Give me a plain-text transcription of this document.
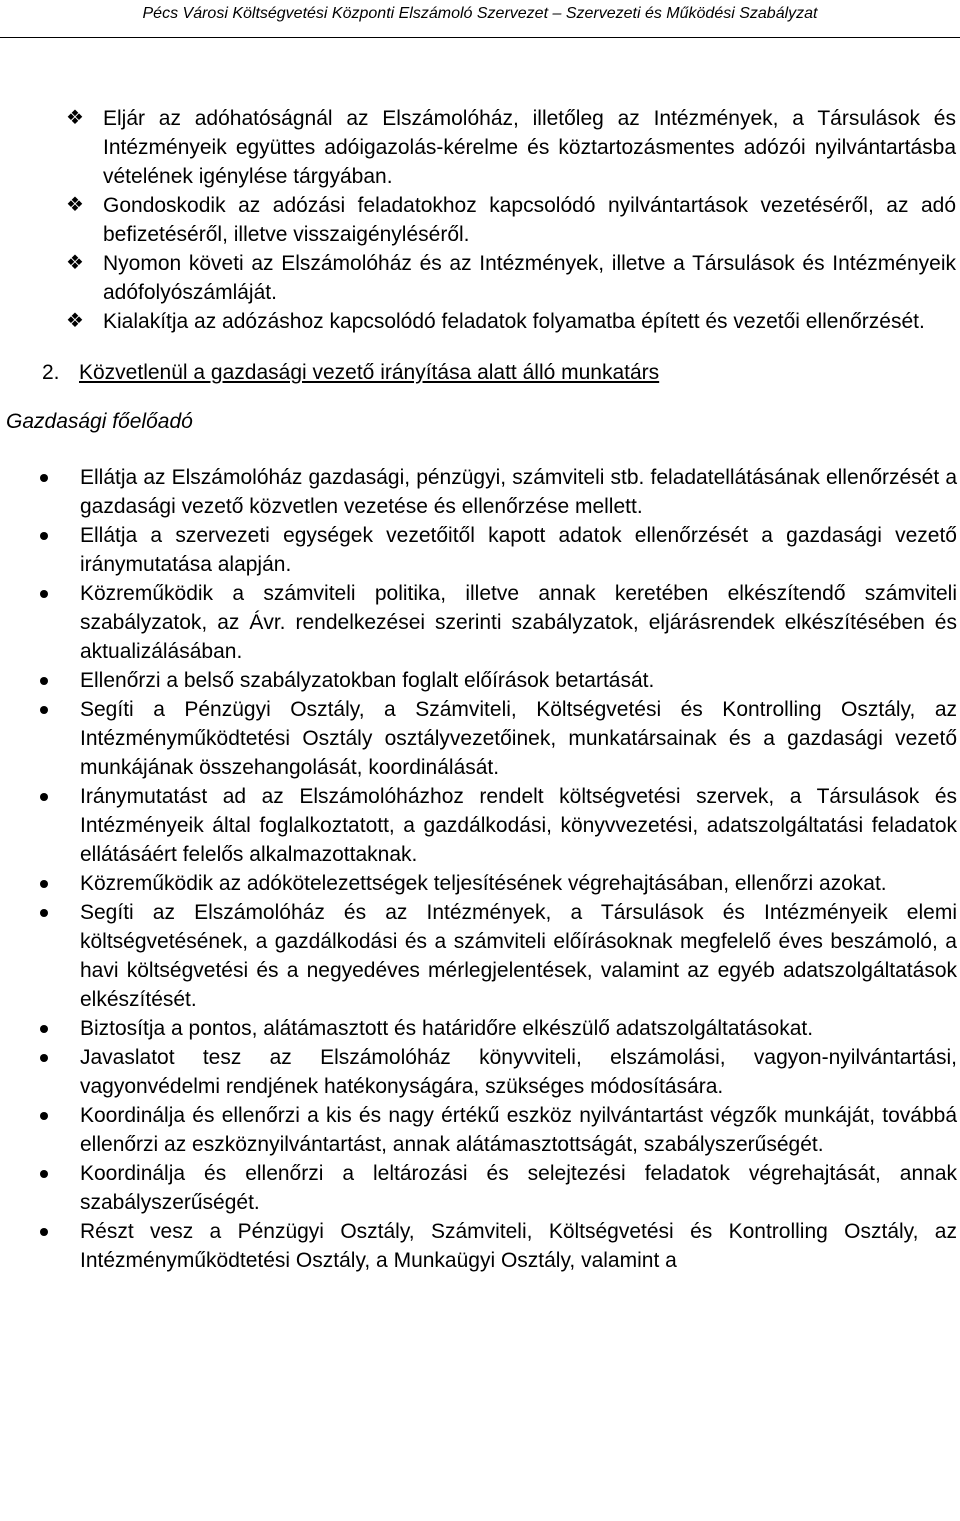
Pécs Városi Költségvetési Központi Elszámoló Szervezet – Szervezeti és Működési Szabályzat
❖ Eljár az adóhatóságnál az Elszámolóház, illetőleg az Intézmények, a Társulások és Intézményeik együttes adóigazolás-kérelme és köztartozásmentes adózói nyilvántartásba vételének igénylése tárgyában.
❖ Gondoskodik az adózási feladatokhoz kapcsolódó nyilvántartások vezetéséről, az adó befizetéséről, illetve visszaigényléséről.
❖ Nyomon követi az Elszámolóház és az Intézmények, illetve a Társulások és Intézményeik adófolyószámláját.
❖ Kialakítja az adózáshoz kapcsolódó feladatok folyamatba épített és vezetői ellenőrzését.
2. Közvetlenül a gazdasági vezető irányítása alatt álló munkatárs
Gazdasági főelőadó
Ellátja az Elszámolóház gazdasági, pénzügyi, számviteli stb. feladatellátásának ellenőrzését a gazdasági vezető közvetlen vezetése és ellenőrzése mellett.
Ellátja a szervezeti egységek vezetőitől kapott adatok ellenőrzését a gazdasági vezető iránymutatása alapján.
Közreműködik a számviteli politika, illetve annak keretében elkészítendő számviteli szabályzatok, az Ávr. rendelkezései szerinti szabályzatok, eljárásrendek elkészítésében és aktualizálásában.
Ellenőrzi a belső szabályzatokban foglalt előírások betartását.
Segíti a Pénzügyi Osztály, a Számviteli, Költségvetési és Kontrolling Osztály, az Intézményműködtetési Osztály osztályvezetőinek, munkatársainak és a gazdasági vezető munkájának összehangolását, koordinálását.
Iránymutatást ad az Elszámolóházhoz rendelt költségvetési szervek, a Társulások és Intézményeik által foglalkoztatott, a gazdálkodási, könyvvezetési, adatszolgáltatási feladatok ellátásáért felelős alkalmazottaknak.
Közreműködik az adókötelezettségek teljesítésének végrehajtásában, ellenőrzi azokat.
Segíti az Elszámolóház és az Intézmények, a Társulások és Intézményeik elemi költségvetésének, a gazdálkodási és a számviteli előírásoknak megfelelő éves beszámoló, a havi költségvetési és a negyedéves mérlegjelentések, valamint az egyéb adatszolgáltatások elkészítését.
Biztosítja a pontos, alátámasztott és határidőre elkészülő adatszolgáltatásokat.
Javaslatot tesz az Elszámolóház könyvviteli, elszámolási, vagyon-nyilvántartási, vagyonvédelmi rendjének hatékonyságára, szükséges módosítására.
Koordinálja és ellenőrzi a kis és nagy értékű eszköz nyilvántartást végzők munkáját, továbbá ellenőrzi az eszköznyilvántartást, annak alátámasztottságát, szabályszerűségét.
Koordinálja és ellenőrzi a leltározási és selejtezési feladatok végrehajtását, annak szabályszerűségét.
Részt vesz a Pénzügyi Osztály, Számviteli, Költségvetési és Kontrolling Osztály, az Intézményműködtetési Osztály, a Munkaügyi Osztály, valamint a
